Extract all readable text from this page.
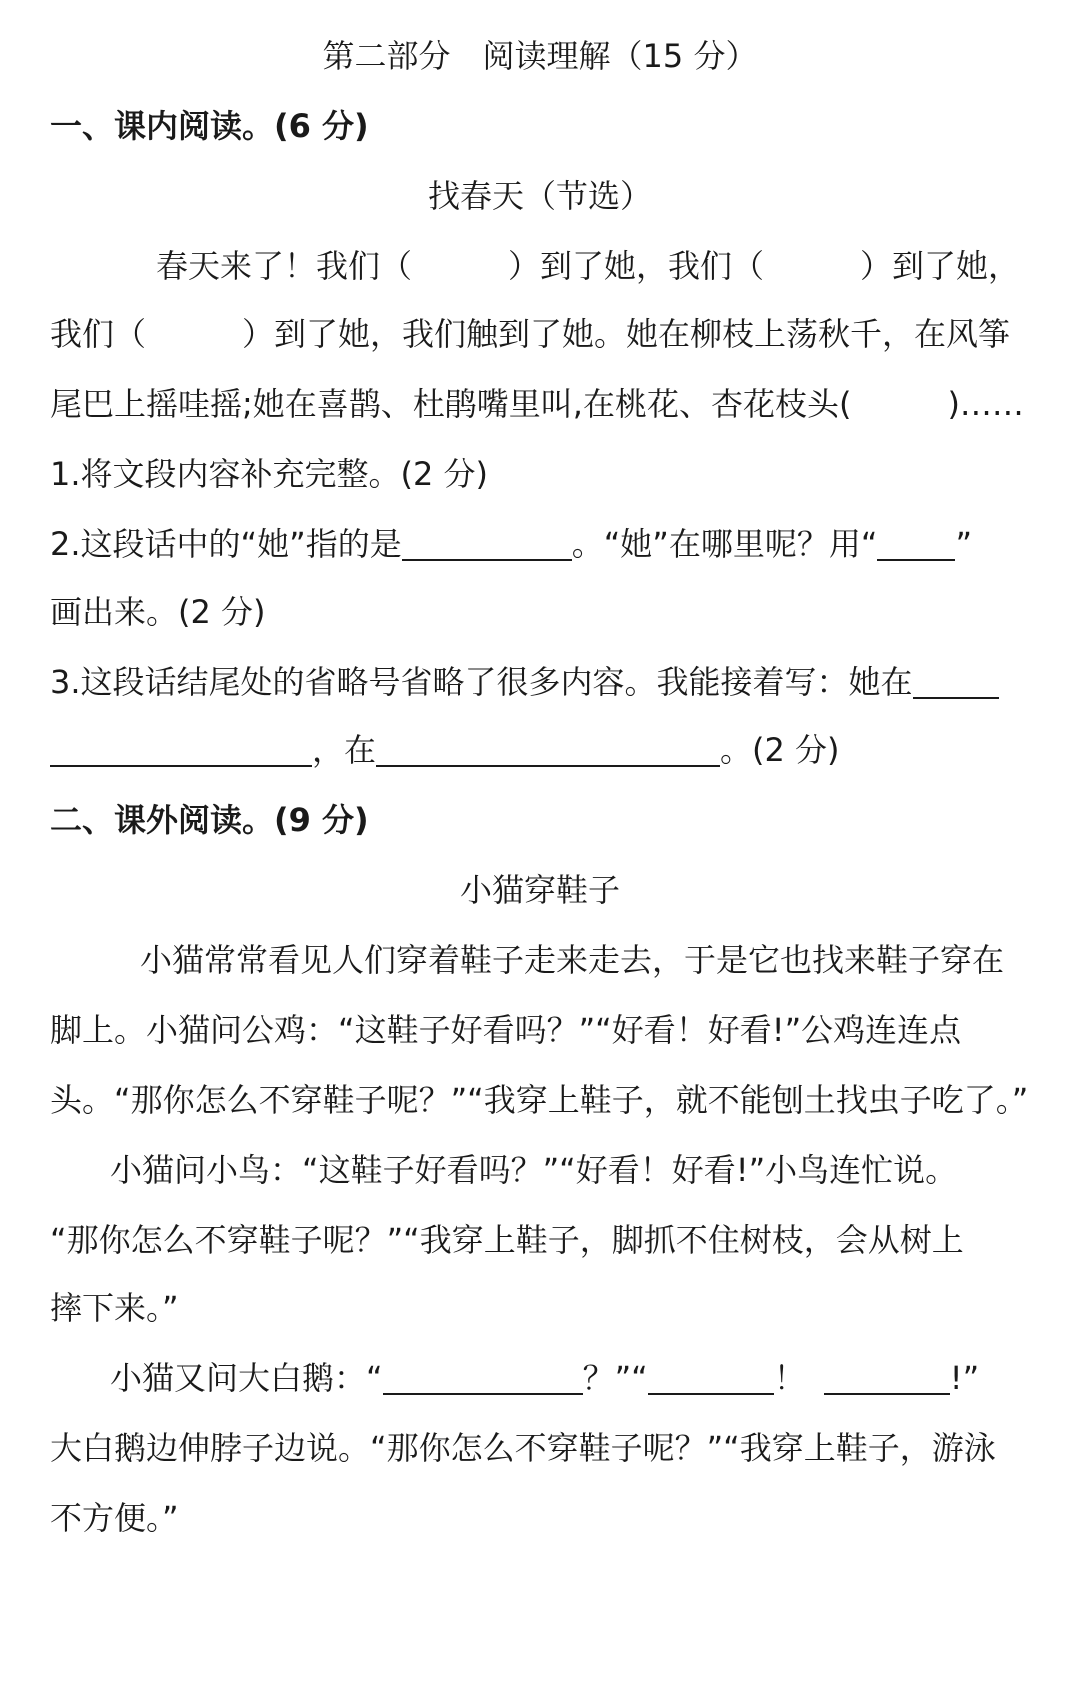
第二部分　阅读理解（15 分）
一、课内阅读。(6 分)
找春天（节选）
春天来了！我们（　　　）到了她，我们（　　　）到了她，
我们（　　　）到了她，我们触到了她。她在柳枝上荡秋千，在风筝
尾巴上摇哇摇;她在喜鹊、杜鹃嘴里叫,在桃花、杏花枝头(　　　)……
1.将文段内容补充完整。(2 分)
2.这段话中的“她”指的是	。“她”在哪里呢？用“ ”
画出来。(2 分)
3.这段话结尾处的省略号省略了很多内容。我能接着写：她在
，在	。(2 分)
二、课外阅读。(9 分)
小猫穿鞋子
小猫常常看见人们穿着鞋子走来走去，于是它也找来鞋子穿在
脚上。小猫问公鸡：“这鞋子好看吗？”“好看！好看!”公鸡连连点
头。“那你怎么不穿鞋子呢？”“我穿上鞋子，就不能刨土找虫子吃了。”
小猫问小鸟：“这鞋子好看吗？”“好看！好看!”小鸟连忙说。
“那你怎么不穿鞋子呢？”“我穿上鞋子，脚抓不住树枝，会从树上
摔下来。”
小猫又问大白鹅：“	？”“	！	!”
大白鹅边伸脖子边说。“那你怎么不穿鞋子呢？”“我穿上鞋子，游泳
不方便。”
